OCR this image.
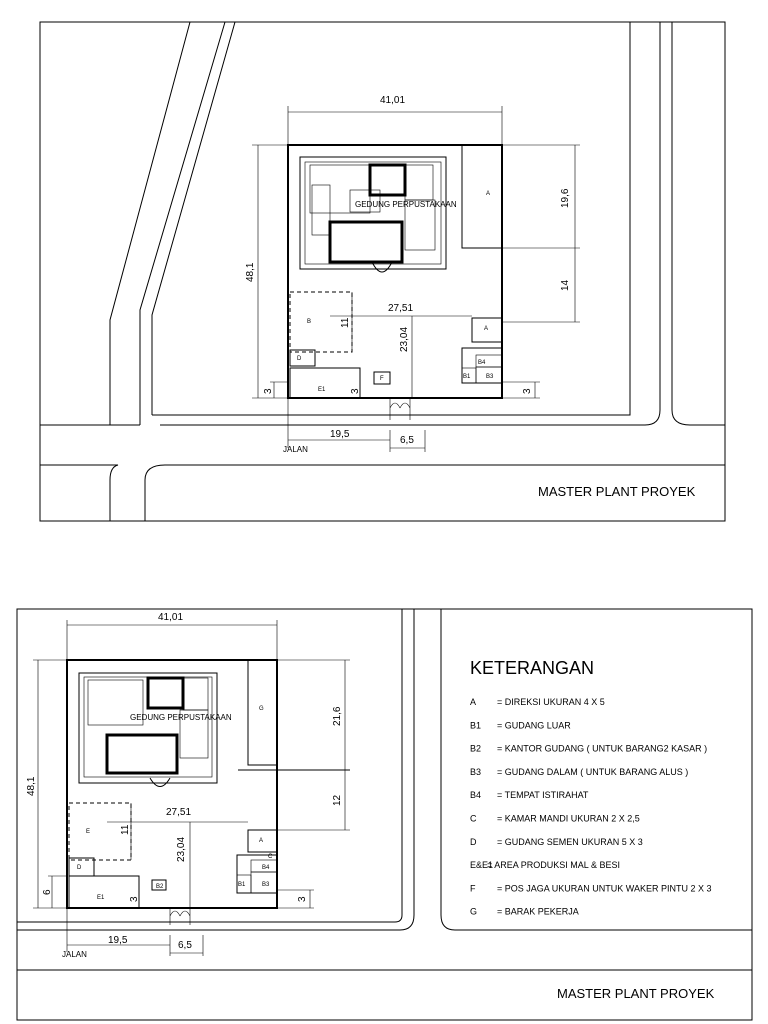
GEDUNG PERPUSTAKAAN
A
B
D
E1
F
A
B1
B4
B3
41,01
48,1
19,6
14
27,51
23,04
11
3	3
3
19,5
6,5
JALAN
MASTER PLANT PROYEK
GEDUNG PERPUSTAKAAN
G
E
D
E1
B2
A
B1
B4
B3
C
41,01
48,1
21,6
12
27,51
23,04
11
6
3	3
19,5	6,5
JALAN
MASTER PLANT PROYEK
KETERANGAN
A = DIREKSI UKURAN 4 X 5
B1 = GUDANG LUAR
B2 = KANTOR GUDANG ( UNTUK BARANG2 KASAR )
B3 = GUDANG DALAM ( UNTUK BARANG ALUS )
B4 = TEMPAT ISTIRAHAT
C = KAMAR MANDI UKURAN 2 X 2,5
D = GUDANG SEMEN UKURAN 5 X 3
E&E1
= AREA PRODUKSI MAL & BESI
F = POS JAGA UKURAN UNTUK WAKER PINTU 2 X 3
G = BARAK PEKERJA
